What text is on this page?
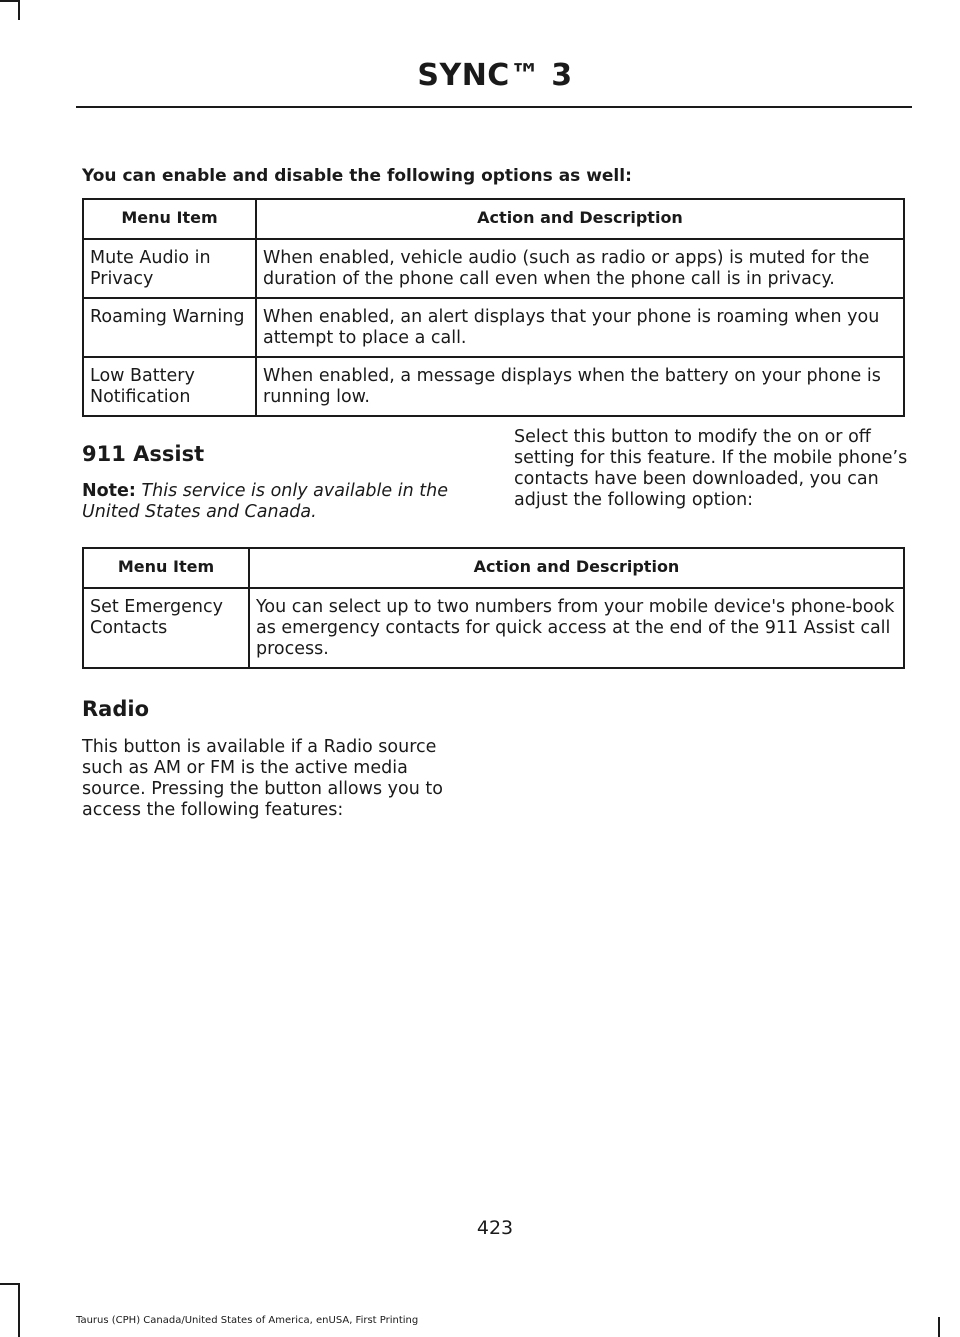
SYNC™ 3
You can enable and disable the following options as well:
Menu Item	Action and Description
Mute Audio in Privacy	When enabled, vehicle audio (such as radio or apps) is muted for the duration of the phone call even when the phone call is in privacy.
Roaming Warning	When enabled, an alert displays that your phone is roaming when you attempt to place a call.
Low Battery Notification	When enabled, a message displays when the battery on your phone is running low.
911 Assist
Note: This service is only available in the United States and Canada.
Select this button to modify the on or off setting for this feature. If the mobile phone’s contacts have been downloaded, you can adjust the following option:
Menu Item	Action and Description
Set Emergency Contacts	You can select up to two numbers from your mobile device's phone-book as emergency contacts for quick access at the end of the 911 Assist call process.
Radio
This button is available if a Radio source such as AM or FM is the active media source. Pressing the button allows you to access the following features:
423
Taurus (CPH) Canada/United States of America, enUSA, First Printing
